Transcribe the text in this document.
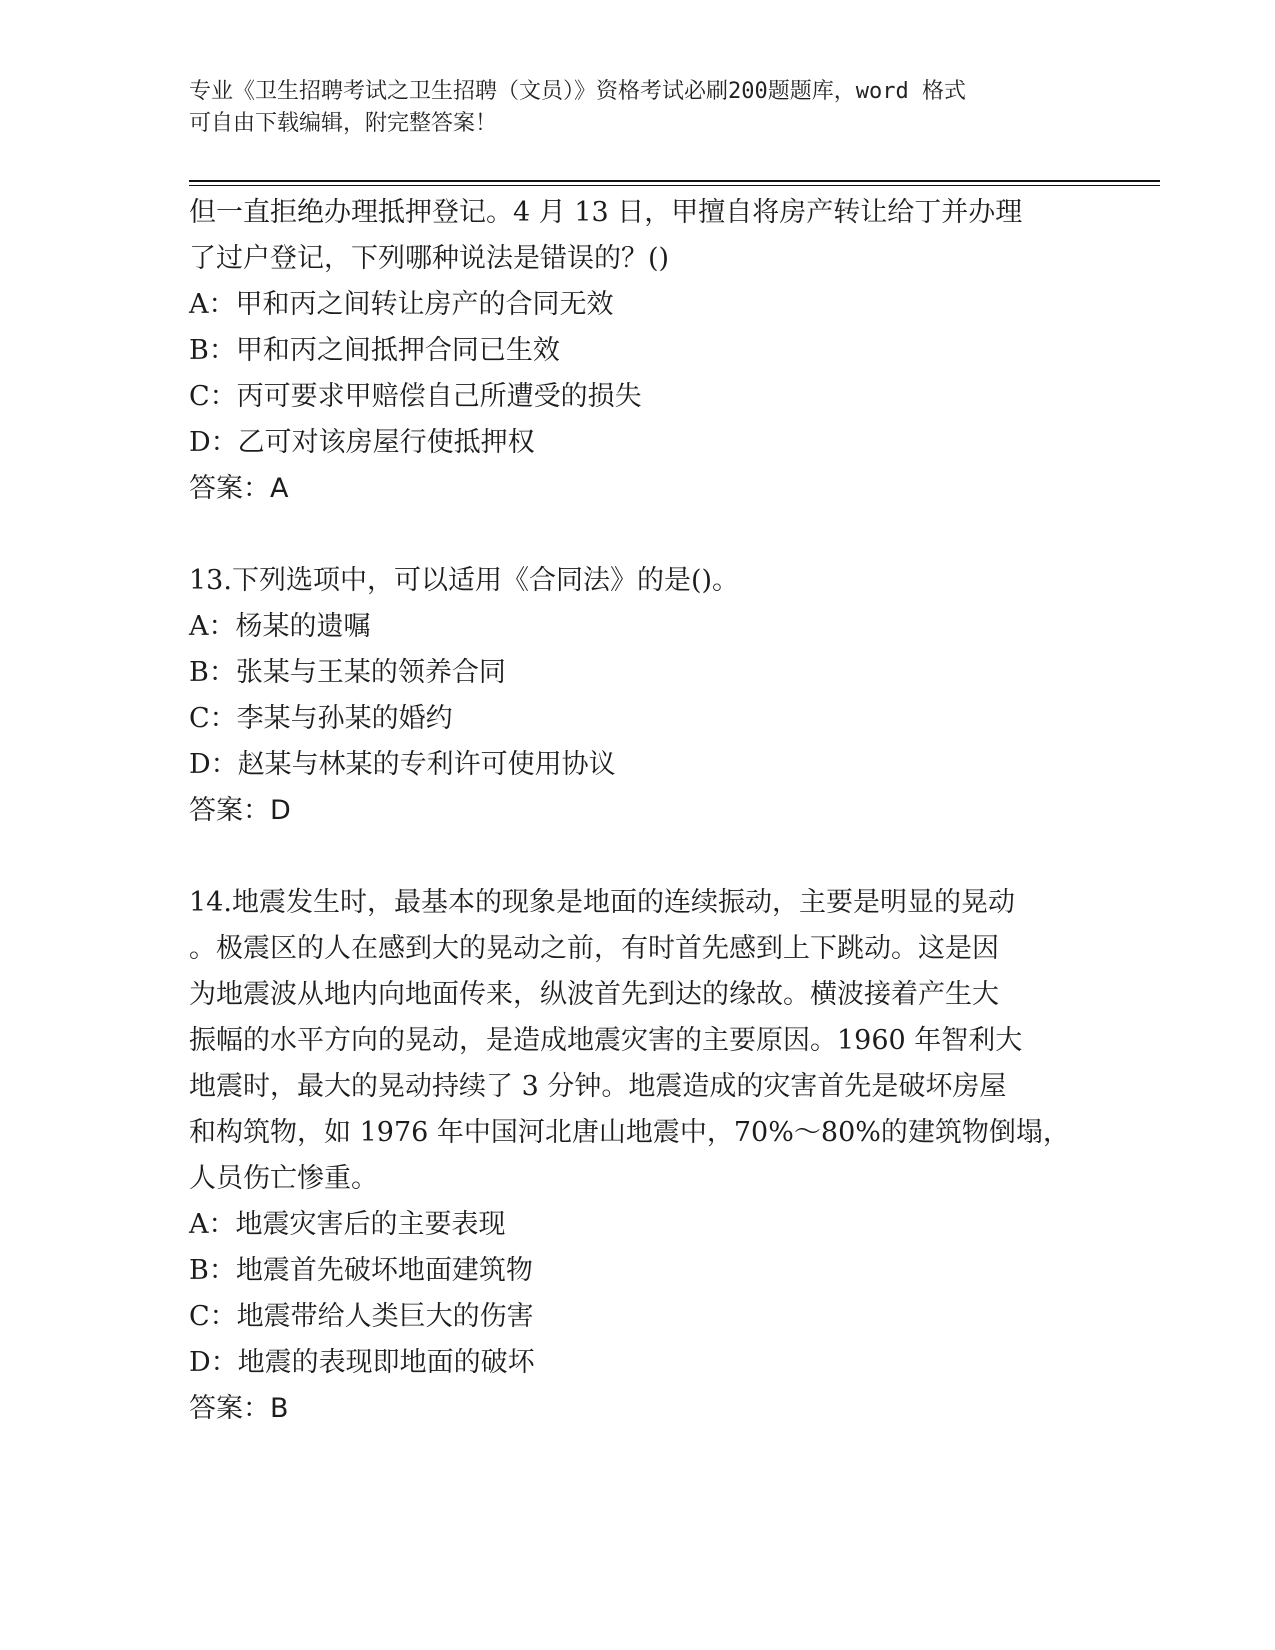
专业《卫生招聘考试之卫生招聘（文员）》资格考试必刷200题题库，word 格式
可自由下载编辑，附完整答案！
但一直拒绝办理抵押登记。4 月 13 日，甲擅自将房产转让给丁并办理
了过户登记，下列哪种说法是错误的？()
A：甲和丙之间转让房产的合同无效
B：甲和丙之间抵押合同已生效
C：丙可要求甲赔偿自己所遭受的损失
D：乙可对该房屋行使抵押权
答案：A
13.下列选项中，可以适用《合同法》的是()。
A：杨某的遗嘱
B：张某与王某的领养合同
C：李某与孙某的婚约
D：赵某与林某的专利许可使用协议
答案：D
14.地震发生时，最基本的现象是地面的连续振动，主要是明显的晃动
。极震区的人在感到大的晃动之前，有时首先感到上下跳动。这是因
为地震波从地内向地面传来，纵波首先到达的缘故。横波接着产生大
振幅的水平方向的晃动，是造成地震灾害的主要原因。1960 年智利大
地震时，最大的晃动持续了 3 分钟。地震造成的灾害首先是破坏房屋
和构筑物，如 1976 年中国河北唐山地震中，70%～80%的建筑物倒塌，
人员伤亡惨重。
A：地震灾害后的主要表现
B：地震首先破坏地面建筑物
C：地震带给人类巨大的伤害
D：地震的表现即地面的破坏
答案：B
